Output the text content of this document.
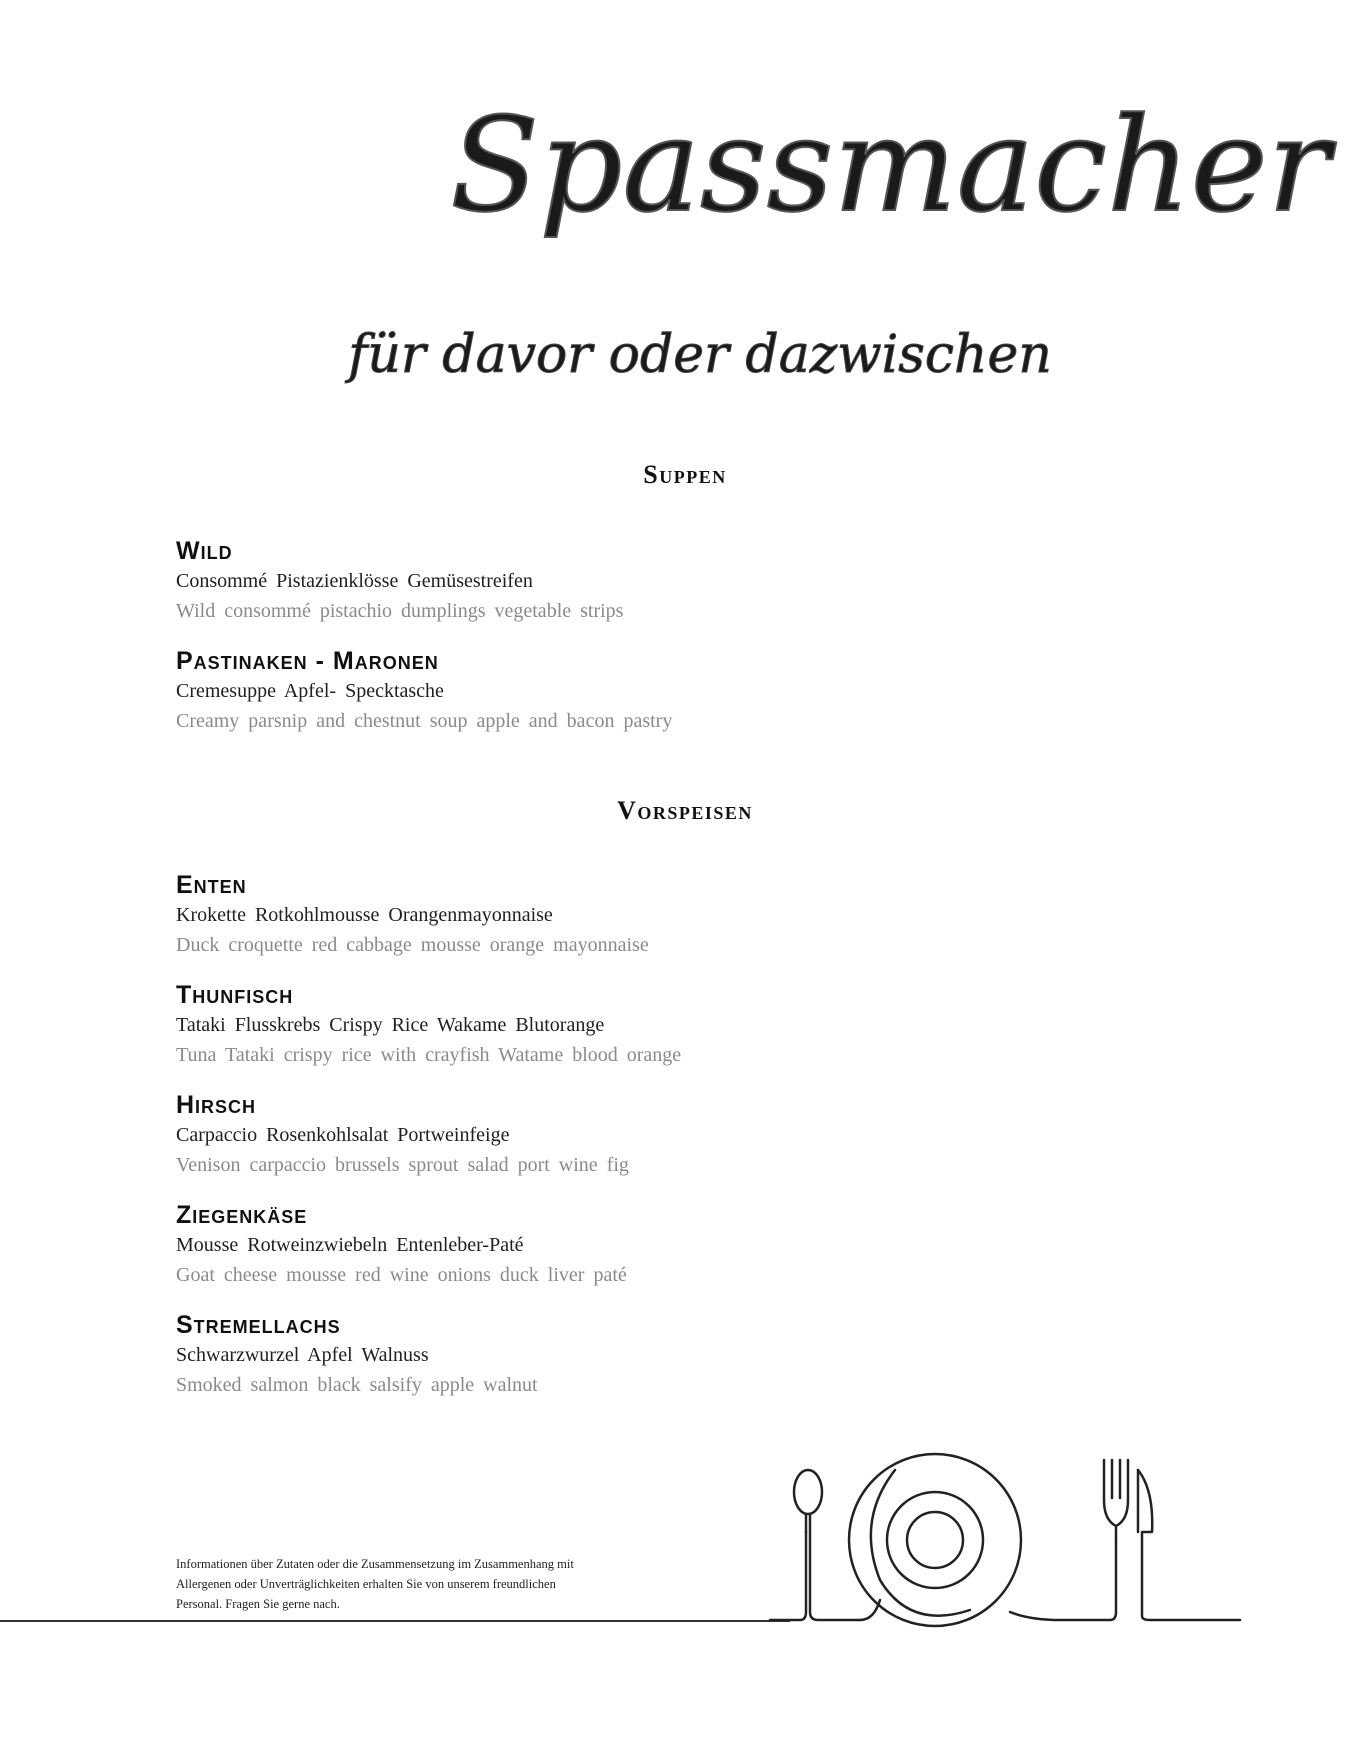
Spassmacher
für davor oder dazwischen
Suppen
Wild
Consommé Pistazienklösse Gemüsestreifen
Wild consommé pistachio dumplings vegetable strips
Pastinaken - Maronen
Cremesuppe Apfel- Specktasche
Creamy parsnip and chestnut soup apple and bacon pastry
Vorspeisen
Enten
Krokette Rotkohlmousse Orangenmayonnaise
Duck croquette red cabbage mousse orange mayonnaise
Thunfisch
Tataki Flusskrebs Crispy Rice Wakame Blutorange
Tuna Tataki crispy rice with crayfish Watame blood orange
Hirsch
Carpaccio Rosenkohlsalat Portweinfeige
Venison carpaccio brussels sprout salad port wine fig
Ziegenkäse
Mousse Rotweinzwiebeln Entenleber-Paté
Goat cheese mousse red wine onions duck liver paté
Stremellachs
Schwarzwurzel Apfel Walnuss
Smoked salmon black salsify apple walnut
Informationen über Zutaten oder die Zusammensetzung im Zusammenhang mit
Allergenen oder Unverträglichkeiten erhalten Sie von unserem freundlichen
Personal. Fragen Sie gerne nach.
